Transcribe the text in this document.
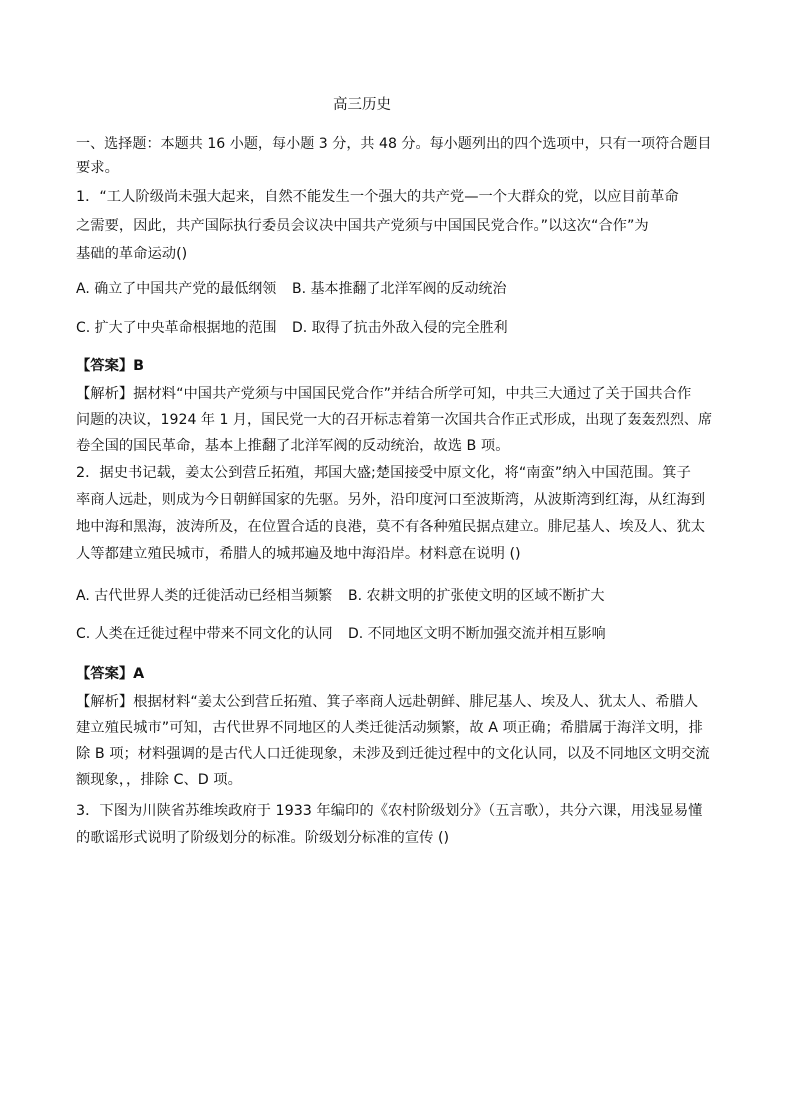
高三历史
一、选择题：本题共 16 小题，每小题 3 分，共 48 分。每小题列出的四个选项中，只有一项符合题目
要求。
1．“工人阶级尚未强大起来，自然不能发生一个强大的共产党—一个大群众的党，以应目前革命
之需要，因此，共产国际执行委员会议决中国共产党须与中国国民党合作。”以这次“合作”为
基础的革命运动()
A. 确立了中国共产党的最低纲领 B. 基本推翻了北洋军阀的反动统治
C. 扩大了中央革命根据地的范围 D. 取得了抗击外敌入侵的完全胜利
【答案】B
【解析】据材料“中国共产党须与中国国民党合作”并结合所学可知，中共三大通过了关于国共合作
问题的决议，1924 年 1 月，国民党一大的召开标志着第一次国共合作正式形成，出现了轰轰烈烈、席
卷全国的国民革命，基本上推翻了北洋军阀的反动统治，故选 B 项。
2．据史书记载，姜太公到营丘拓殖，邦国大盛;楚国接受中原文化，将“南蛮”纳入中国范围。箕子
率商人远赴，则成为今日朝鲜国家的先驱。另外，沿印度河口至波斯湾，从波斯湾到红海，从红海到
地中海和黑海，波涛所及，在位置合适的良港，莫不有各种殖民据点建立。腓尼基人、埃及人、犹太
人等都建立殖民城市，希腊人的城邦遍及地中海沿岸。材料意在说明 ()
A. 古代世界人类的迁徙活动已经相当频繁 B. 农耕文明的扩张使文明的区域不断扩大
C. 人类在迁徙过程中带来不同文化的认同 D. 不同地区文明不断加强交流并相互影响
【答案】A
【解析】根据材料“姜太公到营丘拓殖、箕子率商人远赴朝鲜、腓尼基人、埃及人、犹太人、希腊人
建立殖民城市”可知，古代世界不同地区的人类迁徙活动频繁，故 A 项正确；希腊属于海洋文明，排
除 B 项；材料强调的是古代人口迁徙现象，未涉及到迁徙过程中的文化认同，以及不同地区文明交流
额现象，，排除 C、D 项。
3．下图为川陕省苏维埃政府于 1933 年编印的《农村阶级划分》（五言歌），共分六课，用浅显易懂
的歌谣形式说明了阶级划分的标准。阶级划分标准的宣传 ()
